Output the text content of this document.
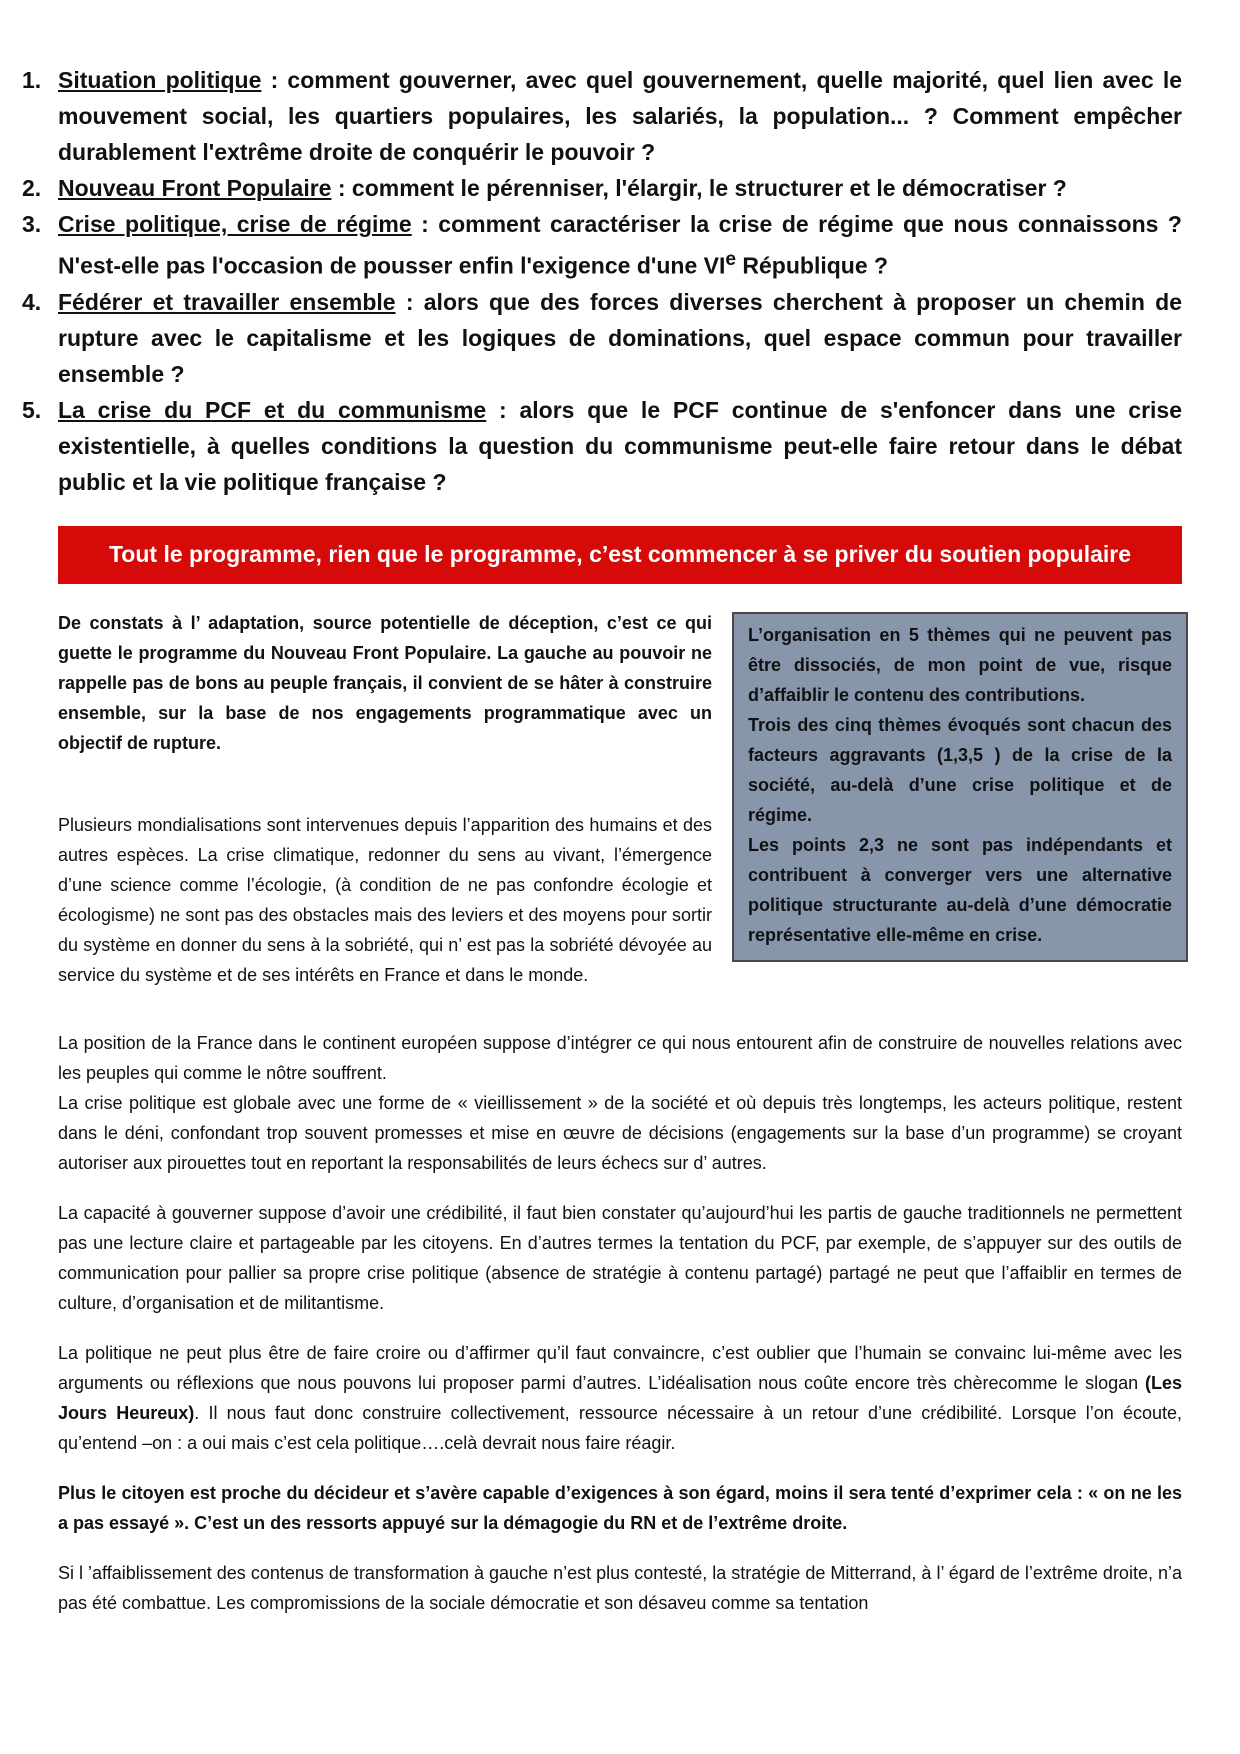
1. Situation politique : comment gouverner, avec quel gouvernement, quelle majorité, quel lien avec le mouvement social, les quartiers populaires, les salariés, la population... ? Comment empêcher durablement l'extrême droite de conquérir le pouvoir ?
2. Nouveau Front Populaire : comment le pérenniser, l'élargir, le structurer et le démocratiser ?
3. Crise politique, crise de régime : comment caractériser la crise de régime que nous connaissons ? N'est-elle pas l'occasion de pousser enfin l'exigence d'une VIe République ?
4. Fédérer et travailler ensemble : alors que des forces diverses cherchent à proposer un chemin de rupture avec le capitalisme et les logiques de dominations, quel espace commun pour travailler ensemble ?
5. La crise du PCF et du communisme : alors que le PCF continue de s'enfoncer dans une crise existentielle, à quelles conditions la question du communisme peut-elle faire retour dans le débat public et la vie politique française ?
Tout le programme, rien que le programme, c’est commencer à se priver du soutien populaire

De constats à l’ adaptation, source potentielle de déception, c’est ce qui guette le programme du Nouveau Front Populaire. La gauche au pouvoir ne rappelle pas de bons au peuple français, il convient de se hâter à construire ensemble, sur la base de nos engagements programmatique avec un objectif de rupture.

Plusieurs mondialisations sont intervenues depuis l’apparition des humains et des autres espèces. La crise climatique, redonner du sens au vivant, l’émergence d’une science comme l’écologie, (à condition de ne pas confondre écologie et écologisme) ne sont pas des obstacles mais des leviers et des moyens pour sortir du système en donner du sens à la sobriété, qui n’ est pas la sobriété dévoyée au service du système et de ses intérêts en France et dans le monde.

L’organisation en 5 thèmes qui ne peuvent pas être dissociés, de mon point de vue, risque d’affaiblir le contenu des contributions.

Trois des cinq thèmes évoqués sont chacun des facteurs aggravants (1,3,5 ) de la crise de la société, au-delà d’une crise politique et de régime.

Les points 2,3 ne sont pas indépendants et contribuent à converger vers une alternative politique structurante au-delà d’une démocratie représentative elle-même en crise.

La position de la France dans le continent européen suppose d’intégrer ce qui nous entourent afin de construire de nouvelles relations avec les peuples qui comme le nôtre souffrent.

La crise politique est globale avec une forme de « vieillissement » de la société et où depuis très longtemps, les acteurs politique, restent dans le déni, confondant trop souvent promesses et mise en œuvre de décisions (engagements sur la base d’un programme) se croyant autoriser aux pirouettes tout en reportant la responsabilités de leurs échecs sur d’ autres.

La capacité à gouverner suppose d’avoir une crédibilité, il faut bien constater qu’aujourd’hui les partis de gauche traditionnels ne permettent pas une lecture claire et partageable par les citoyens. En d’autres termes la tentation du PCF, par exemple, de s’appuyer sur des outils de communication pour pallier sa propre crise politique (absence de stratégie à contenu partagé) partagé ne peut que l’affaiblir en termes de culture, d’organisation et de militantisme.

La politique ne peut plus être de faire croire ou d’affirmer qu’il faut convaincre, c’est oublier que l’humain se convainc lui-même avec les arguments ou réflexions que nous pouvons lui proposer parmi d’autres. L’idéalisation nous coûte encore très chèrecomme le slogan (Les Jours Heureux). Il nous faut donc construire collectivement, ressource nécessaire à un retour d’une crédibilité. Lorsque l’on écoute, qu’entend –on : a oui mais c’est cela politique….celà devrait nous faire réagir.

Plus le citoyen est proche du décideur et s’avère capable d’exigences à son égard, moins il sera tenté d’exprimer cela : « on ne les a pas essayé ». C’est un des ressorts appuyé sur la démagogie du RN et de l’extrême droite.

Si l ’affaiblissement des contenus de transformation à gauche n’est plus contesté, la stratégie de Mitterrand, à l’ égard de l’extrême droite, n’a pas été combattue. Les compromissions de la sociale démocratie et son désaveu comme sa tentation
